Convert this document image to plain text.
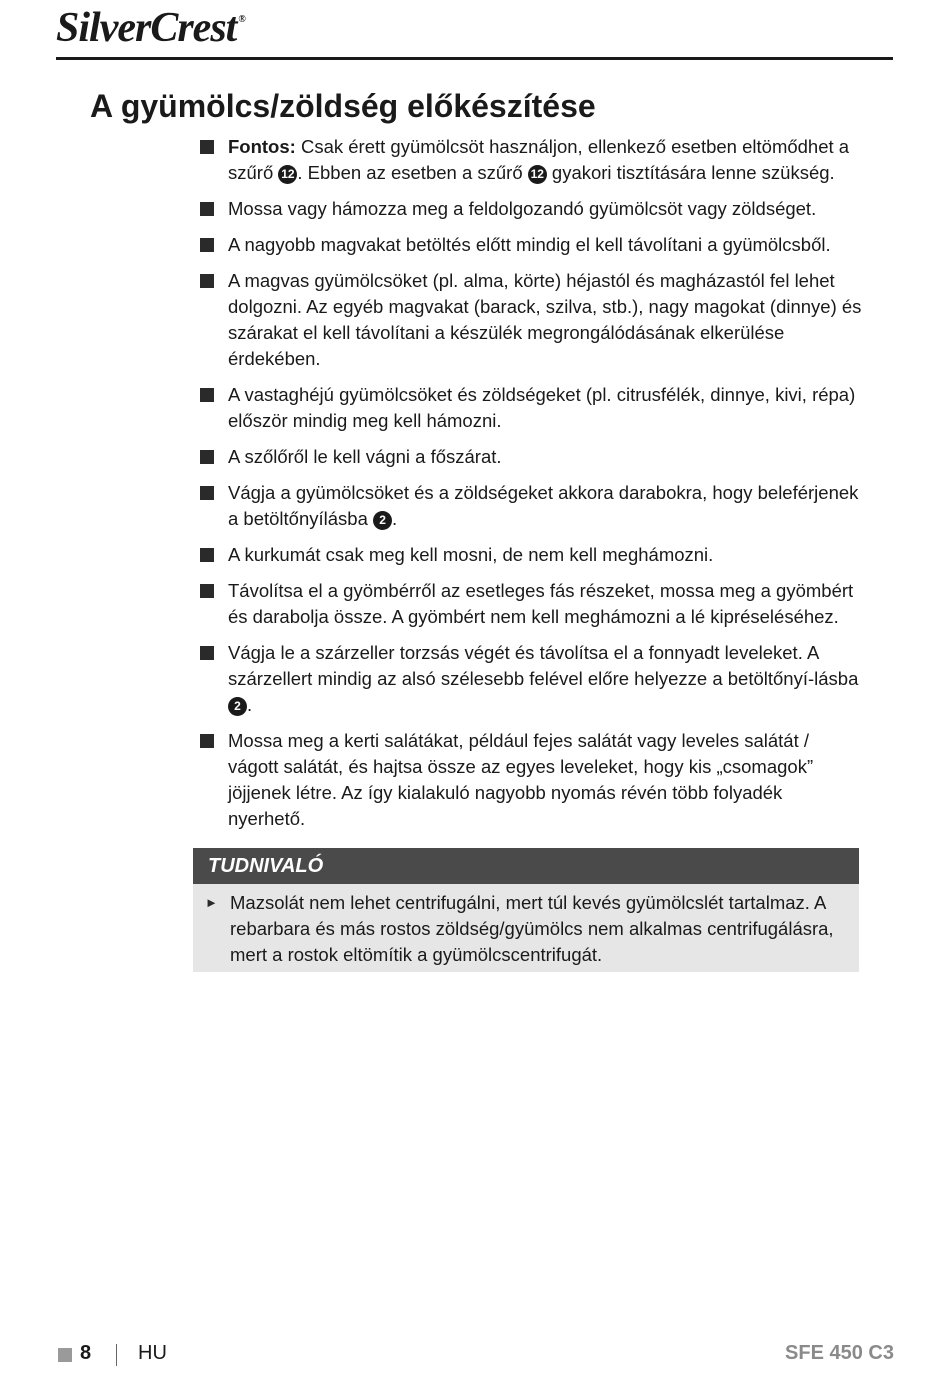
SilverCrest ®
A gyümölcs/zöldség előkészítése
Fontos: Csak érett gyümölcsöt használjon, ellenkező esetben eltömődhet a szűrő 12 . Ebben az esetben a szűrő 12 gyakori tisztítására lenne szükség.
Mossa vagy hámozza meg a feldolgozandó gyümölcsöt vagy zöldséget.
A nagyobb magvakat betöltés előtt mindig el kell távolítani a gyümölcsből.
A magvas gyümölcsöket (pl. alma, körte) héjastól és magházastól fel lehet dolgozni. Az egyéb magvakat (barack, szilva, stb.), nagy magokat (dinnye) és szárakat el kell távolítani a készülék megrongálódásának elkerülése érdekében.
A vastaghéjú gyümölcsöket és zöldségeket (pl. citrusfélék, dinnye, kivi, répa) először mindig meg kell hámozni.
A szőlőről le kell vágni a főszárat.
Vágja a gyümölcsöket és a zöldségeket akkora darabokra, hogy beleférjenek a betöltőnyílásba 2 .
A kurkumát csak meg kell mosni, de nem kell meghámozni.
Távolítsa el a gyömbérről az esetleges fás részeket, mossa meg a gyömbért és darabolja össze. A gyömbért nem kell meghámozni a lé kipréseléséhez.
Vágja le a szárzeller torzsás végét és távolítsa el a fonnyadt leveleket. A szárzellert mindig az alsó szélesebb felével előre helyezze a betöltőnyí-lásba 2 .
Mossa meg a kerti salátákat, például fejes salátát vagy leveles salátát / vágott salátát, és hajtsa össze az egyes leveleket, hogy kis „csomagok” jöjjenek létre. Az így kialakuló nagyobb nyomás révén több folyadék nyerhető.
TUDNIVALÓ
► Mazsolát nem lehet centrifugálni, mert túl kevés gyümölcslét tartalmaz. A rebarbara és más rostos zöldség/gyümölcs nem alkalmas centrifugálásra, mert a rostok eltömítik a gyümölcscentrifugát.
8 HU	SFE 450 C3
